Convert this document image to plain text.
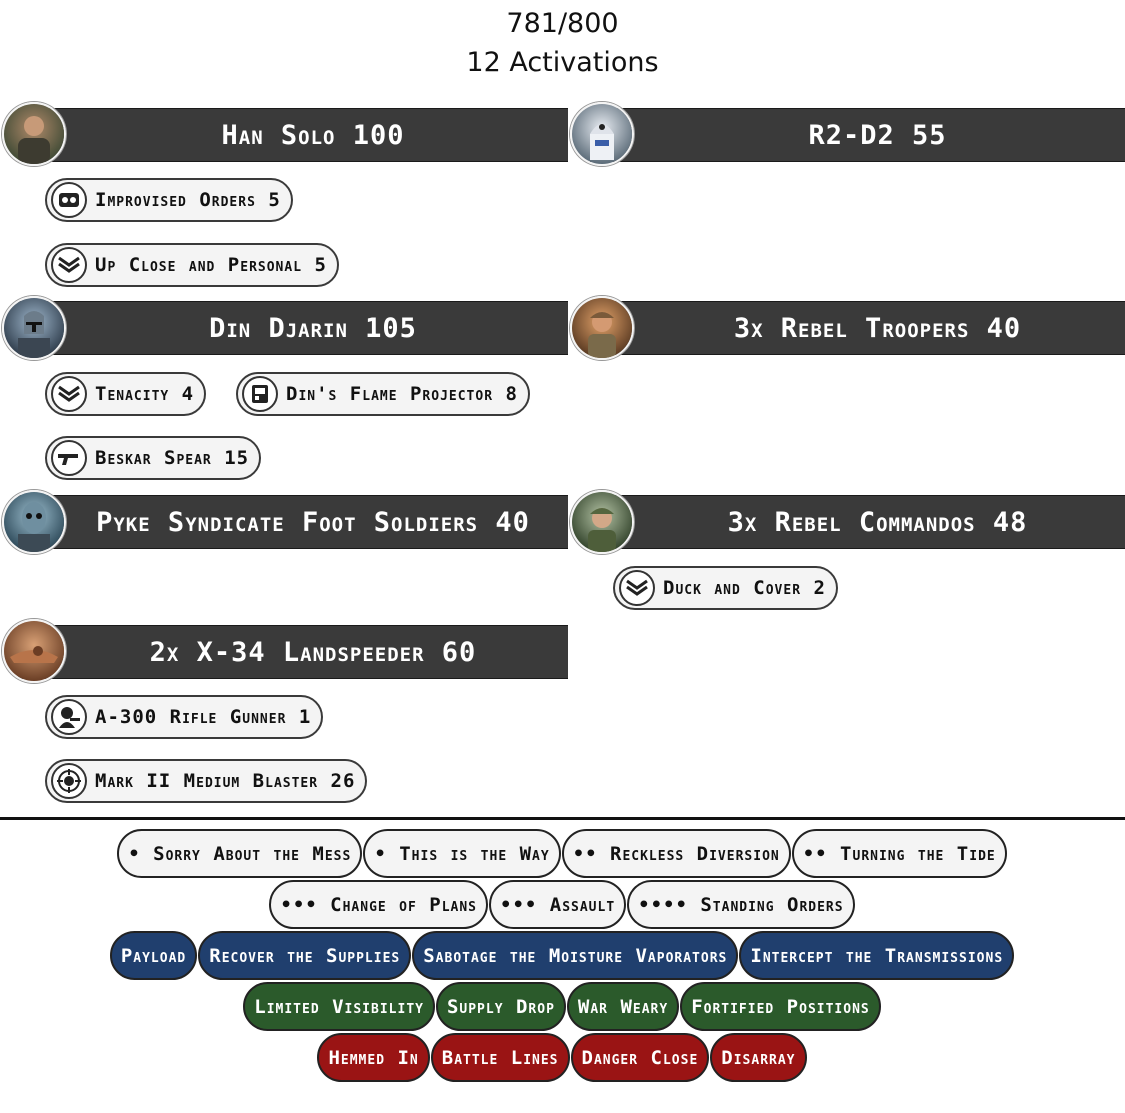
781/800
12 Activations
Han Solo 100	R2-D2 55
Improvised Orders 5
Up Close and Personal 5
Din Djarin 105	3x Rebel Troopers 40
Tenacity 4	Din's Flame Projector 8
Beskar Spear 15
Pyke Syndicate Foot Soldiers 40	3x Rebel Commandos 48
Duck and Cover 2
2x X-34 Landspeeder 60
A-300 Rifle Gunner 1
Mark II Medium Blaster 26
• Sorry About the Mess	• This is the Way	•• Reckless Diversion	•• Turning the Tide
••• Change of Plans	••• Assault	•••• Standing Orders
Payload	Recover the Supplies	Sabotage the Moisture Vaporators	Intercept the Transmissions
Limited Visibility	Supply Drop	War Weary	Fortified Positions
Hemmed In	Battle Lines	Danger Close	Disarray
